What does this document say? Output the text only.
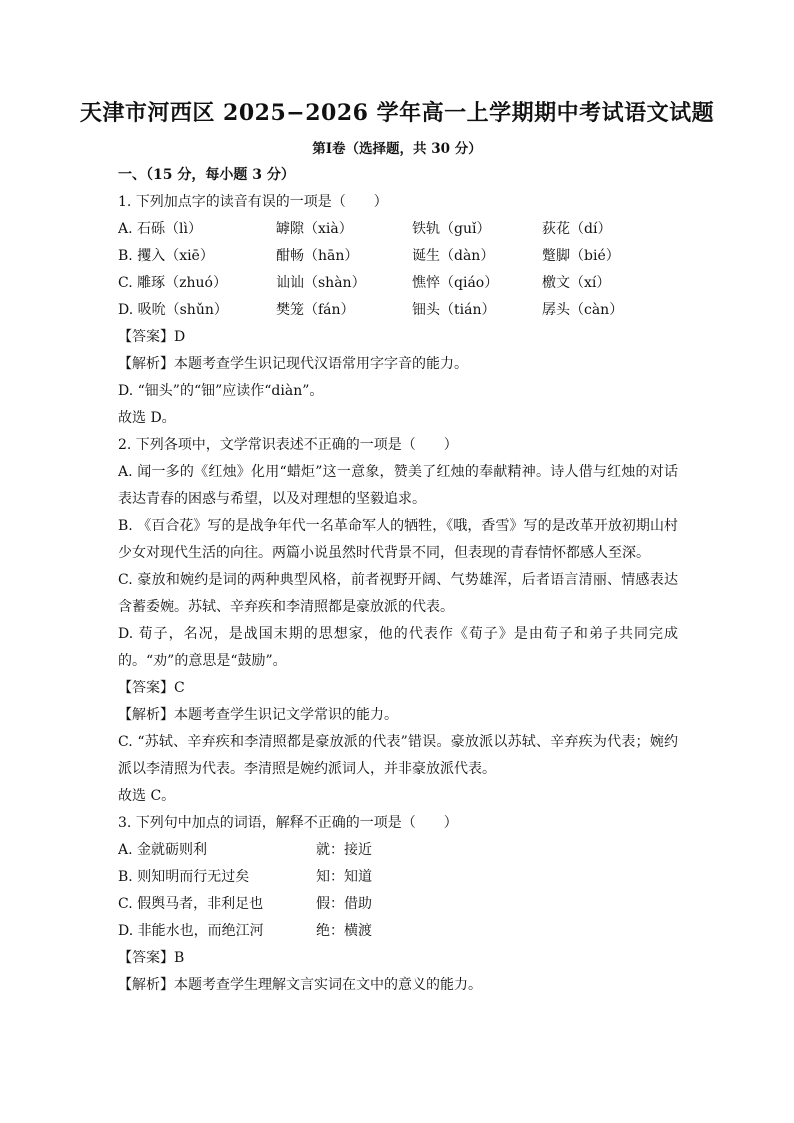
天津市河西区 2025−2026 学年高一上学期期中考试语文试题
第Ⅰ卷（选择题，共 30 分）
一、（15 分，每小题 3 分）
1. 下列加点字的读音有误的一项是（　　）
A. 石砾（lì）	罅隙（xià）	铁轨（guǐ）	荻花（dí）
B. 攫入（xiē）	酣畅（hān）	诞生（dàn）	蹩脚（bié）
C. 雕琢（zhuó）	讪讪（shàn）	憔悴（qiáo）	檄文（xí）
D. 吸吮（shǔn）	樊笼（fán）	钿头（tián）	孱头（càn）
【答案】D
【解析】本题考查学生识记现代汉语常用字字音的能力。
D. “钿头”的“钿”应读作“diàn”。
故选 D。
2. 下列各项中，文学常识表述不正确的一项是（　　）
A. 闻一多的《红烛》化用“蜡炬”这一意象，赞美了红烛的奉献精神。诗人借与红烛的对话表达青春的困惑与希望，以及对理想的坚毅追求。
B. 《百合花》写的是战争年代一名革命军人的牺牲，《哦，香雪》写的是改革开放初期山村少女对现代生活的向往。两篇小说虽然时代背景不同，但表现的青春情怀都感人至深。
C. 豪放和婉约是词的两种典型风格，前者视野开阔、气势雄浑，后者语言清丽、情感表达含蓄委婉。苏轼、辛弃疾和李清照都是豪放派的代表。
D. 荀子，名况，是战国末期的思想家，他的代表作《荀子》是由荀子和弟子共同完成的。“劝”的意思是“鼓励”。
【答案】C
【解析】本题考查学生识记文学常识的能力。
C. “苏轼、辛弃疾和李清照都是豪放派的代表”错误。豪放派以苏轼、辛弃疾为代表；婉约派以李清照为代表。李清照是婉约派词人，并非豪放派代表。
故选 C。
3. 下列句中加点的词语，解释不正确的一项是（　　）
A. 金就砺则利	就：接近
B. 则知明而行无过矣	知：知道
C. 假舆马者，非利足也	假：借助
D. 非能水也，而绝江河	绝：横渡
【答案】B
【解析】本题考查学生理解文言实词在文中的意义的能力。
